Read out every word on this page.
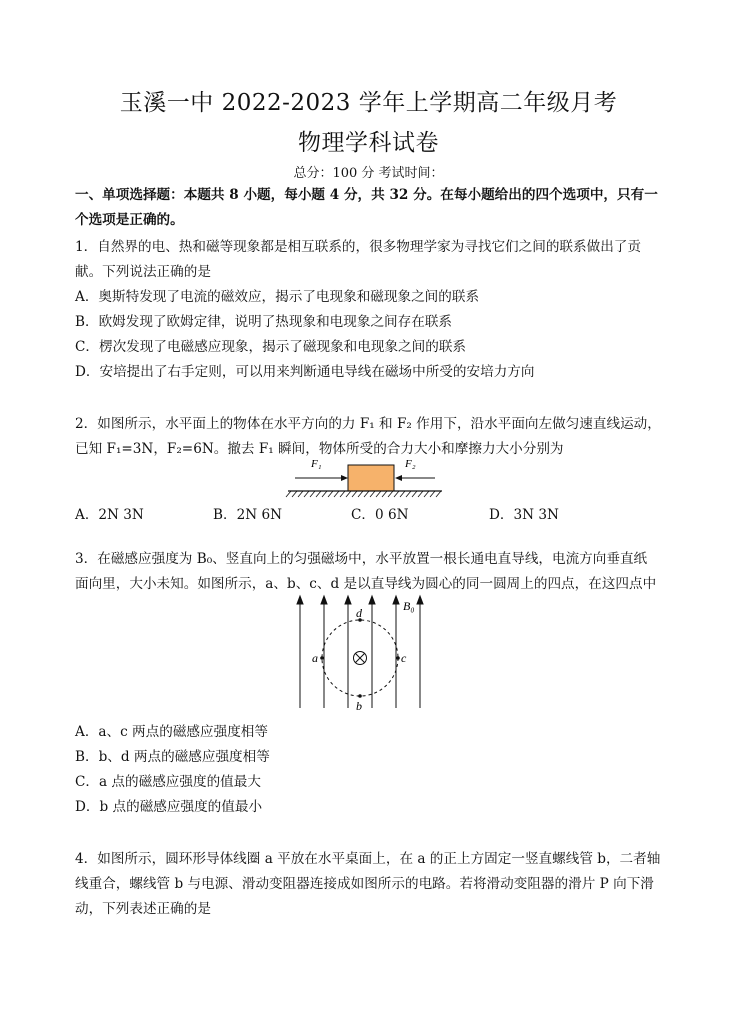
玉溪一中 2022-2023 学年上学期高二年级月考
物理学科试卷
总分：100 分 考试时间：
一、单项选择题：本题共 8 小题，每小题 4 分，共 32 分。在每小题给出的四个选项中，只有一
个选项是正确的。
1．自然界的电、热和磁等现象都是相互联系的，很多物理学家为寻找它们之间的联系做出了贡
献。下列说法正确的是
A．奥斯特发现了电流的磁效应，揭示了电现象和磁现象之间的联系
B．欧姆发现了欧姆定律，说明了热现象和电现象之间存在联系
C．楞次发现了电磁感应现象，揭示了磁现象和电现象之间的联系
D．安培提出了右手定则，可以用来判断通电导线在磁场中所受的安培力方向
2．如图所示，水平面上的物体在水平方向的力 F₁ 和 F₂ 作用下，沿水平面向左做匀速直线运动，
已知 F₁=3N，F₂=6N。撤去 F₁ 瞬间，物体所受的合力大小和摩擦力大小分别为
F₁	F₂
A．2N 3N	B．2N 6N	C．0 6N	D．3N 3N
3．在磁感应强度为 B₀、竖直向上的匀强磁场中，水平放置一根长通电直导线，电流方向垂直纸
面向里，大小未知。如图所示，a、b、c、d 是以直导线为圆心的同一圆周上的四点，在这四点中
a	c
d
b
B₀
A．a、c 两点的磁感应强度相等
B．b、d 两点的磁感应强度相等
C．a 点的磁感应强度的值最大
D．b 点的磁感应强度的值最小
4．如图所示，圆环形导体线圈 a 平放在水平桌面上，在 a 的正上方固定一竖直螺线管 b，二者轴
线重合，螺线管 b 与电源、滑动变阻器连接成如图所示的电路。若将滑动变阻器的滑片 P 向下滑
动，下列表述正确的是
